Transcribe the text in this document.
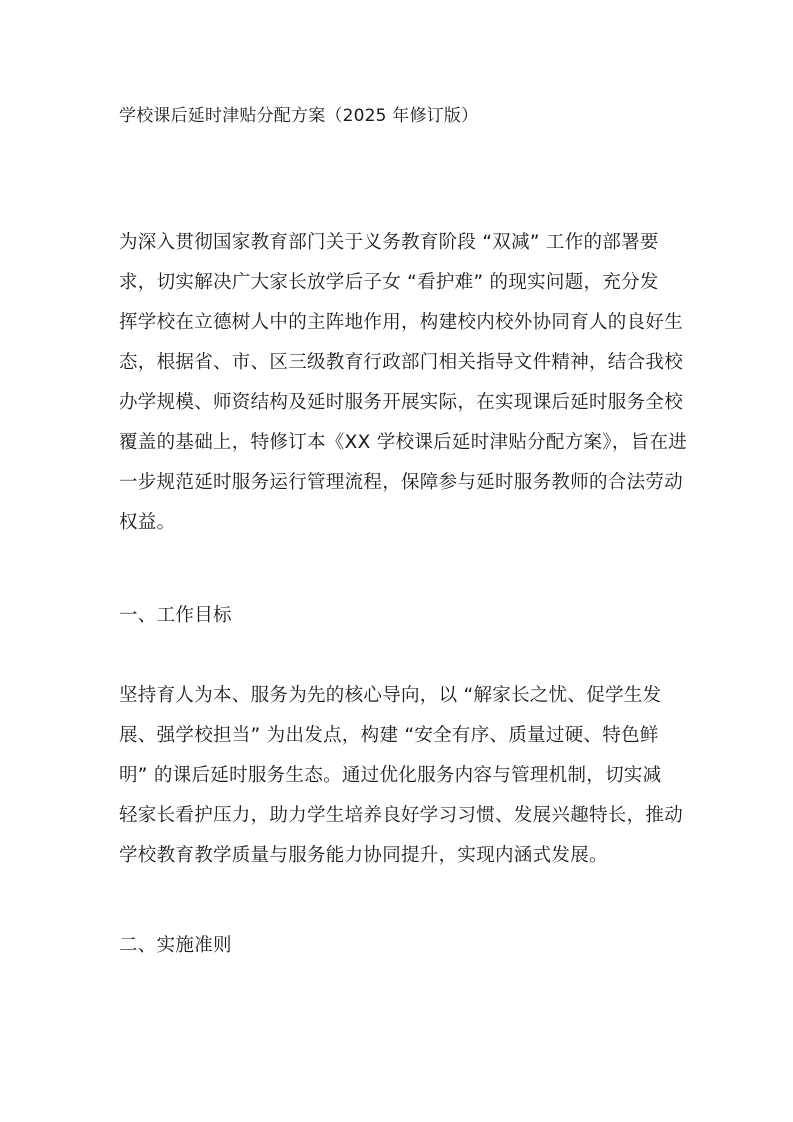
学校课后延时津贴分配方案（2025 年修订版）
为深入贯彻国家教育部门关于义务教育阶段 “双减” 工作的部署要
求，切实解决广大家长放学后子女 “看护难” 的现实问题，充分发
挥学校在立德树人中的主阵地作用，构建校内校外协同育人的良好生
态，根据省、市、区三级教育行政部门相关指导文件精神，结合我校
办学规模、师资结构及延时服务开展实际，在实现课后延时服务全校
覆盖的基础上，特修订本《XX 学校课后延时津贴分配方案》，旨在进
一步规范延时服务运行管理流程，保障参与延时服务教师的合法劳动
权益。
一、工作目标
坚持育人为本、服务为先的核心导向，以 “解家长之忧、促学生发
展、强学校担当” 为出发点，构建 “安全有序、质量过硬、特色鲜
明” 的课后延时服务生态。通过优化服务内容与管理机制，切实减
轻家长看护压力，助力学生培养良好学习习惯、发展兴趣特长，推动
学校教育教学质量与服务能力协同提升，实现内涵式发展。
二、实施准则
